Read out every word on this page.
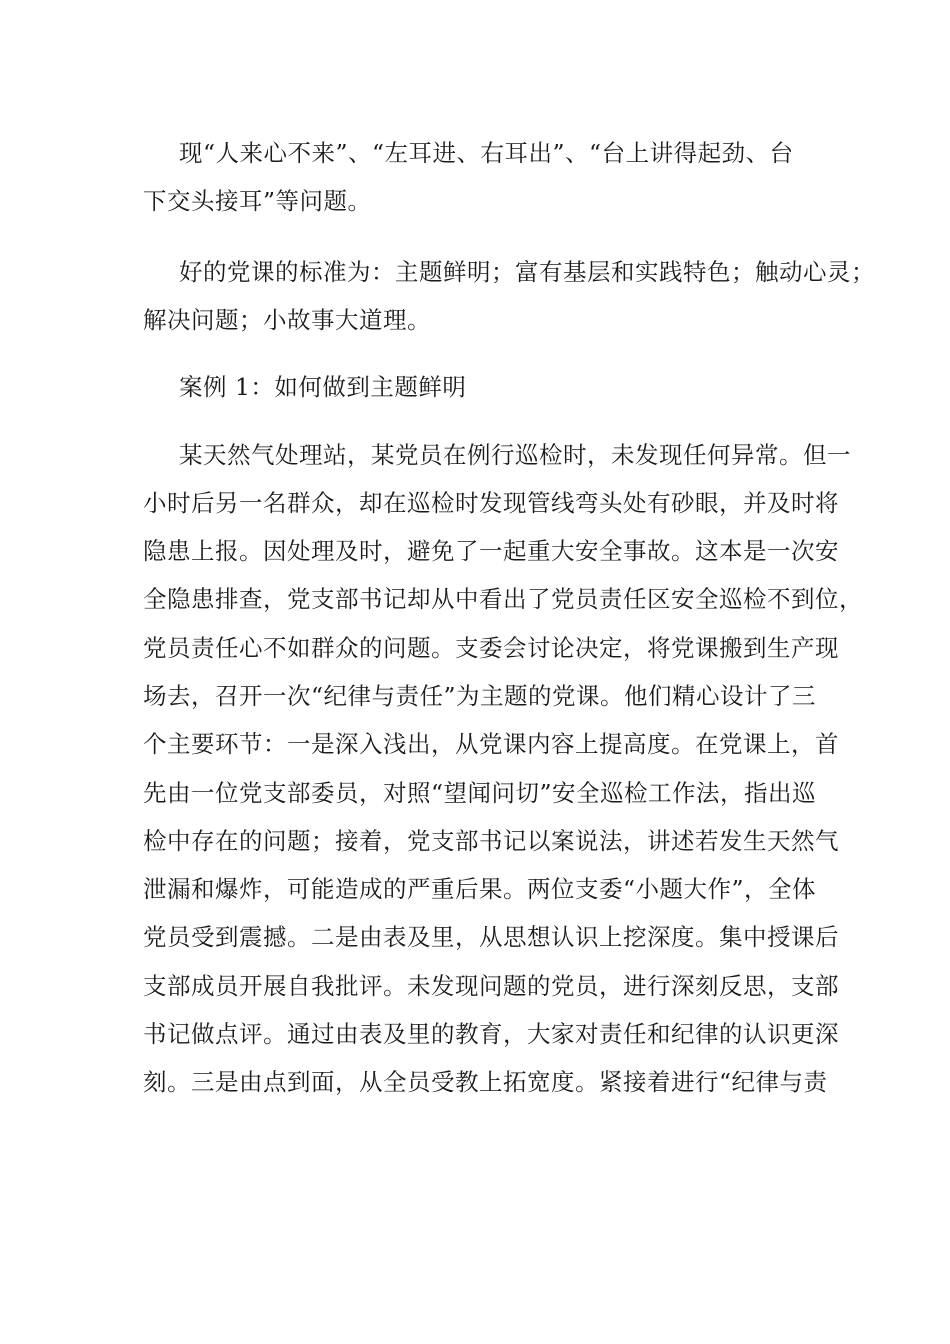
现“人来心不来”、“左耳进、右耳出”、“台上讲得起劲、台
下交头接耳”等问题。
好的党课的标准为：主题鲜明；富有基层和实践特色；触动心灵；
解决问题；小故事大道理。
案例 1：如何做到主题鲜明
某天然气处理站，某党员在例行巡检时，未发现任何异常。但一
小时后另一名群众，却在巡检时发现管线弯头处有砂眼，并及时将
隐患上报。因处理及时，避免了一起重大安全事故。这本是一次安
全隐患排查，党支部书记却从中看出了党员责任区安全巡检不到位，
党员责任心不如群众的问题。支委会讨论决定，将党课搬到生产现
场去，召开一次“纪律与责任”为主题的党课。他们精心设计了三
个主要环节：一是深入浅出，从党课内容上提高度。在党课上，首
先由一位党支部委员，对照“望闻问切”安全巡检工作法，指出巡
检中存在的问题；接着，党支部书记以案说法，讲述若发生天然气
泄漏和爆炸，可能造成的严重后果。两位支委“小题大作”，全体
党员受到震撼。二是由表及里，从思想认识上挖深度。集中授课后
支部成员开展自我批评。未发现问题的党员，进行深刻反思，支部
书记做点评。通过由表及里的教育，大家对责任和纪律的认识更深
刻。三是由点到面，从全员受教上拓宽度。紧接着进行“纪律与责
